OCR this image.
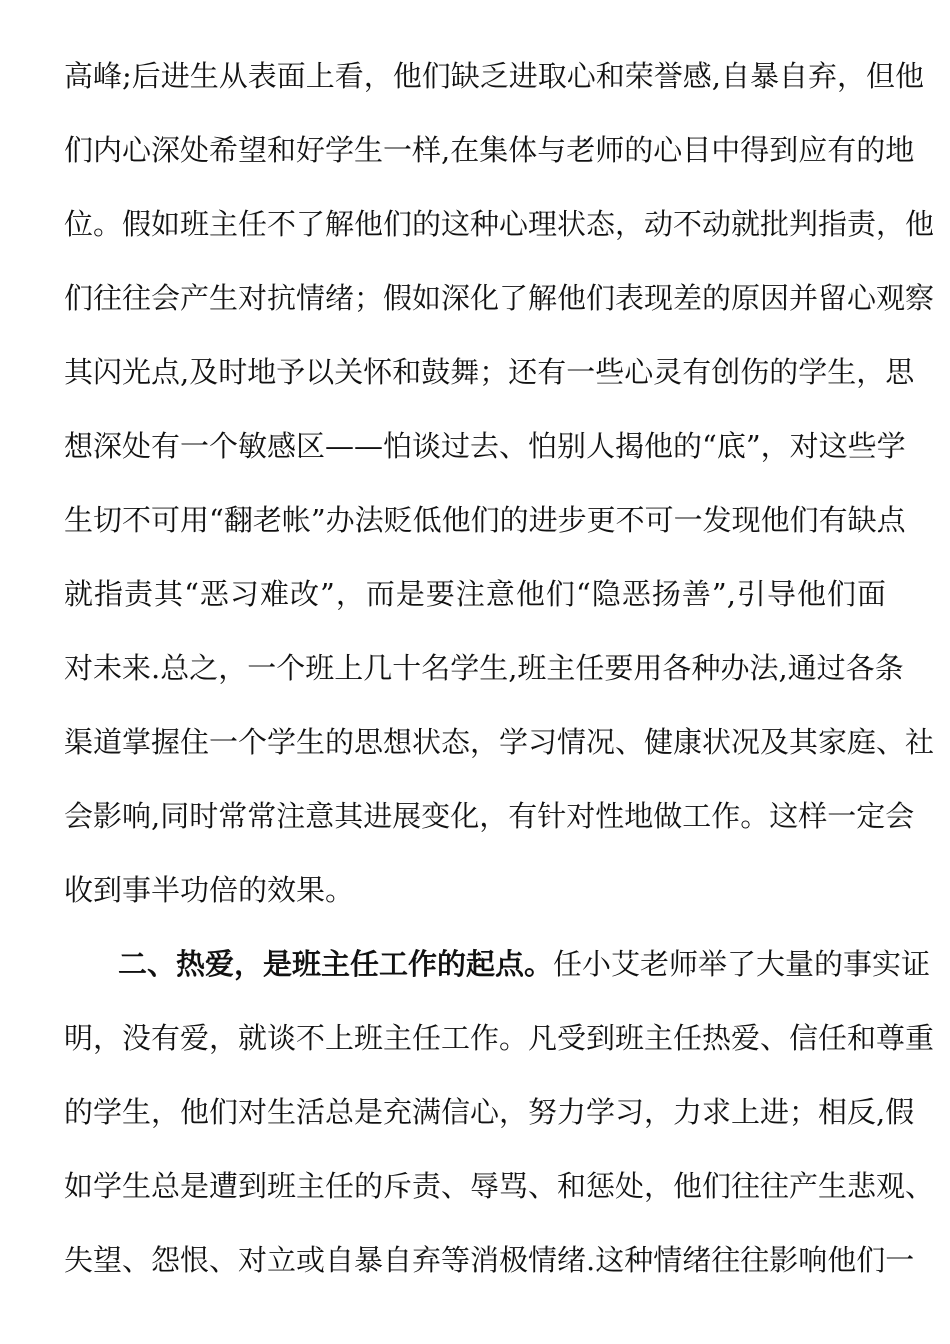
高峰;后进生从表面上看，他们缺乏进取心和荣誉感,自暴自弃，但他
们内心深处希望和好学生一样,在集体与老师的心目中得到应有的地
位。假如班主任不了解他们的这种心理状态，动不动就批判指责，他
们往往会产生对抗情绪；假如深化了解他们表现差的原因并留心观察
其闪光点,及时地予以关怀和鼓舞；还有一些心灵有创伤的学生，思
想深处有一个敏感区——怕谈过去、怕别人揭他的“底”，对这些学
生切不可用“翻老帐”办法贬低他们的进步更不可一发现他们有缺点
就指责其“恶习难改”，而是要注意他们“隐恶扬善”,引导他们面
对未来.总之，一个班上几十名学生,班主任要用各种办法,通过各条
渠道掌握住一个学生的思想状态，学习情况、健康状况及其家庭、社
会影响,同时常常注意其进展变化，有针对性地做工作。这样一定会
收到事半功倍的效果。
二、热爱，是班主任工作的起点。任小艾老师举了大量的事实证
明，没有爱，就谈不上班主任工作。凡受到班主任热爱、信任和尊重
的学生，他们对生活总是充满信心，努力学习，力求上进；相反,假
如学生总是遭到班主任的斥责、辱骂、和惩处，他们往往产生悲观、
失望、怨恨、对立或自暴自弃等消极情绪.这种情绪往往影响他们一
